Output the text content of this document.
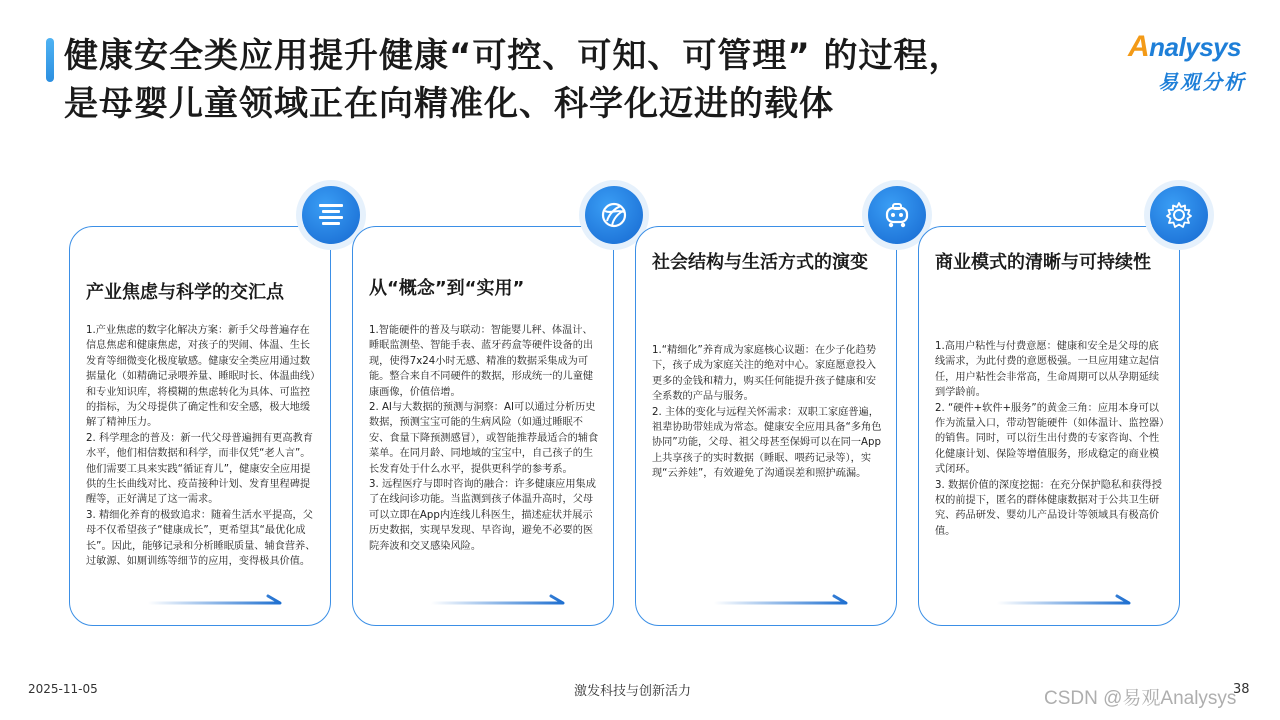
健康安全类应用提升健康“可控、可知、可管理” 的过程，
是母婴儿童领域正在向精准化、科学化迈进的载体
Analysys
易观分析
产业焦虑与科学的交汇点

1.产业焦虑的数字化解决方案：新手父母普遍存在信息焦虑和健康焦虑，对孩子的哭闹、体温、生长发育等细微变化极度敏感。健康安全类应用通过数据量化（如精确记录喂养量、睡眠时长、体温曲线）和专业知识库，将模糊的焦虑转化为具体、可监控的指标，为父母提供了确定性和安全感，极大地缓解了精神压力。

2. 科学理念的普及：新一代父母普遍拥有更高教育水平，他们相信数据和科学，而非仅凭“老人言”。他们需要工具来实践“循证育儿”，健康安全应用提供的生长曲线对比、疫苗接种计划、发育里程碑提醒等，正好满足了这一需求。

3. 精细化养育的极致追求：随着生活水平提高，父母不仅希望孩子“健康成长”，更希望其“最优化成长”。因此，能够记录和分析睡眠质量、辅食营养、过敏源、如厕训练等细节的应用，变得极具价值。

从“概念”到“实用”

1.智能硬件的普及与联动：智能婴儿秤、体温计、睡眠监测垫、智能手表、蓝牙药盒等硬件设备的出现，使得7x24小时无感、精准的数据采集成为可能。整合来自不同硬件的数据，形成统一的儿童健康画像，价值倍增。

2. AI与大数据的预测与洞察：AI可以通过分析历史数据，预测宝宝可能的生病风险（如通过睡眠不安、食量下降预测感冒），或智能推荐最适合的辅食菜单。在同月龄、同地域的宝宝中，自己孩子的生长发育处于什么水平，提供更科学的参考系。

3. 远程医疗与即时咨询的融合：许多健康应用集成了在线问诊功能。当监测到孩子体温升高时，父母可以立即在App内连线儿科医生，描述症状并展示历史数据，实现早发现、早咨询，避免不必要的医院奔波和交叉感染风险。

社会结构与生活方式的演变

1.“精细化”养育成为家庭核心议题：在少子化趋势下，孩子成为家庭关注的绝对中心。家庭愿意投入更多的金钱和精力，购买任何能提升孩子健康和安全系数的产品与服务。

2. 主体的变化与远程关怀需求：双职工家庭普遍，祖辈协助带娃成为常态。健康安全应用具备“多角色协同”功能，父母、祖父母甚至保姆可以在同一App上共享孩子的实时数据（睡眠、喂药记录等），实现“云养娃”，有效避免了沟通误差和照护疏漏。

商业模式的清晰与可持续性

1.高用户粘性与付费意愿：健康和安全是父母的底线需求，为此付费的意愿极强。一旦应用建立起信任，用户粘性会非常高，生命周期可以从孕期延续到学龄前。

2. “硬件+软件+服务”的黄金三角：应用本身可以作为流量入口，带动智能硬件（如体温计、监控器）的销售。同时，可以衍生出付费的专家咨询、个性化健康计划、保险等增值服务，形成稳定的商业模式闭环。

3. 数据价值的深度挖掘：在充分保护隐私和获得授权的前提下，匿名的群体健康数据对于公共卫生研究、药品研发、婴幼儿产品设计等领域具有极高价值。

2025-11-05	激发科技与创新活力	CSDN @易观Analysys
38
